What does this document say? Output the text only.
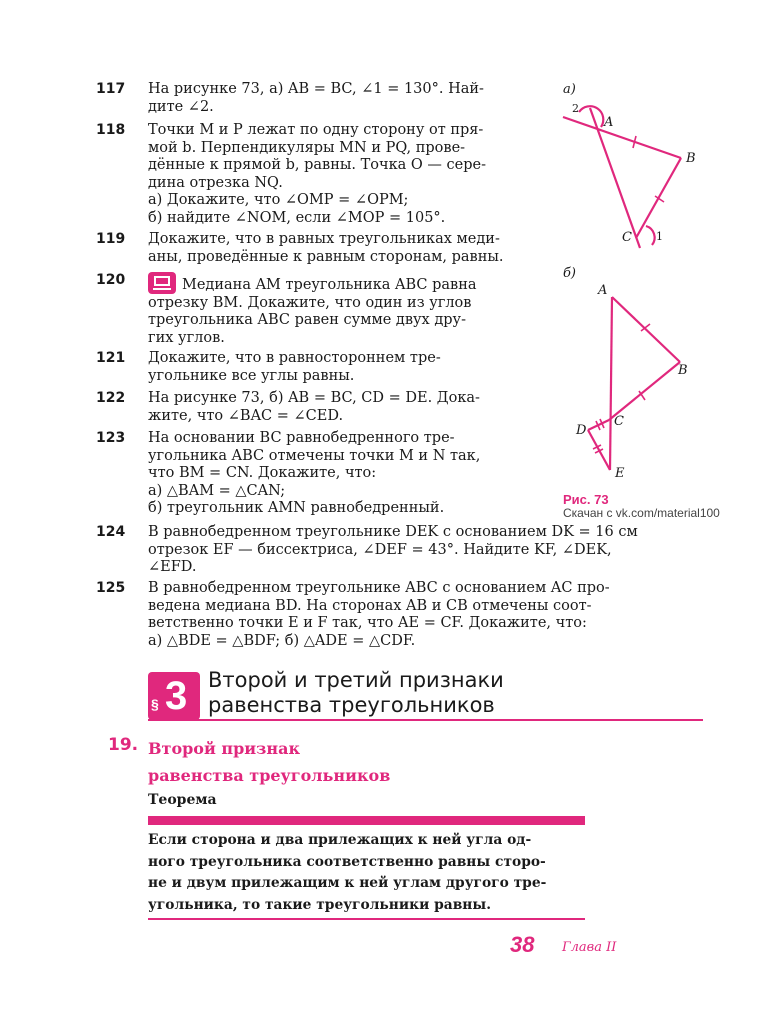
117 На рисунке 73, а) AB = BC, ∠1 = 130°. Най-
дите ∠2.
118 Точки M и P лежат по одну сторону от пря-
мой b. Перпендикуляры MN и PQ, прове-
дённые к прямой b, равны. Точка O — сере-
дина отрезка NQ.
а) Докажите, что ∠OMP = ∠OPM;
б) найдите ∠NOM, если ∠MOP = 105°.
119 Докажите, что в равных треугольниках меди-
аны, проведённые к равным сторонам, равны.
120	Медиана AM треугольника ABC равна
отрезку BM. Докажите, что один из углов
треугольника ABC равен сумме двух дру-
гих углов.
121 Докажите, что в равностороннем тре-
угольнике все углы равны.
122 На рисунке 73, б) AB = BC, CD = DE. Дока-
жите, что ∠BAC = ∠CED.
123 На основании BC равнобедренного тре-
угольника ABC отмечены точки M и N так,
что BM = CN. Докажите, что:
а) △BAM = △CAN;
б) треугольник AMN равнобедренный.
124 В равнобедренном треугольнике DEK с основанием DK = 16 см
отрезок EF — биссектриса, ∠DEF = 43°. Найдите KF, ∠DEK,
∠EFD.
125 В равнобедренном треугольнике ABC с основанием AC про-
ведена медиана BD. На сторонах AB и CB отмечены соот-
ветственно точки E и F так, что AE = CF. Докажите, что:
а) △BDE = △BDF; б) △ADE = △CDF.
а)
A
B
C 1
2
A
B
C
D
E
б)
Рис. 73
Скачан с vk.com/material100
§ 3 Второй и третий признаки
равенства треугольников
19. Второй признак
равенства треугольников
Теорема
Если сторона и два прилежащих к ней угла од-
ного треугольника соответственно равны сторо-
не и двум прилежащим к ней углам другого тре-
угольника, то такие треугольники равны.
38 Глава II
